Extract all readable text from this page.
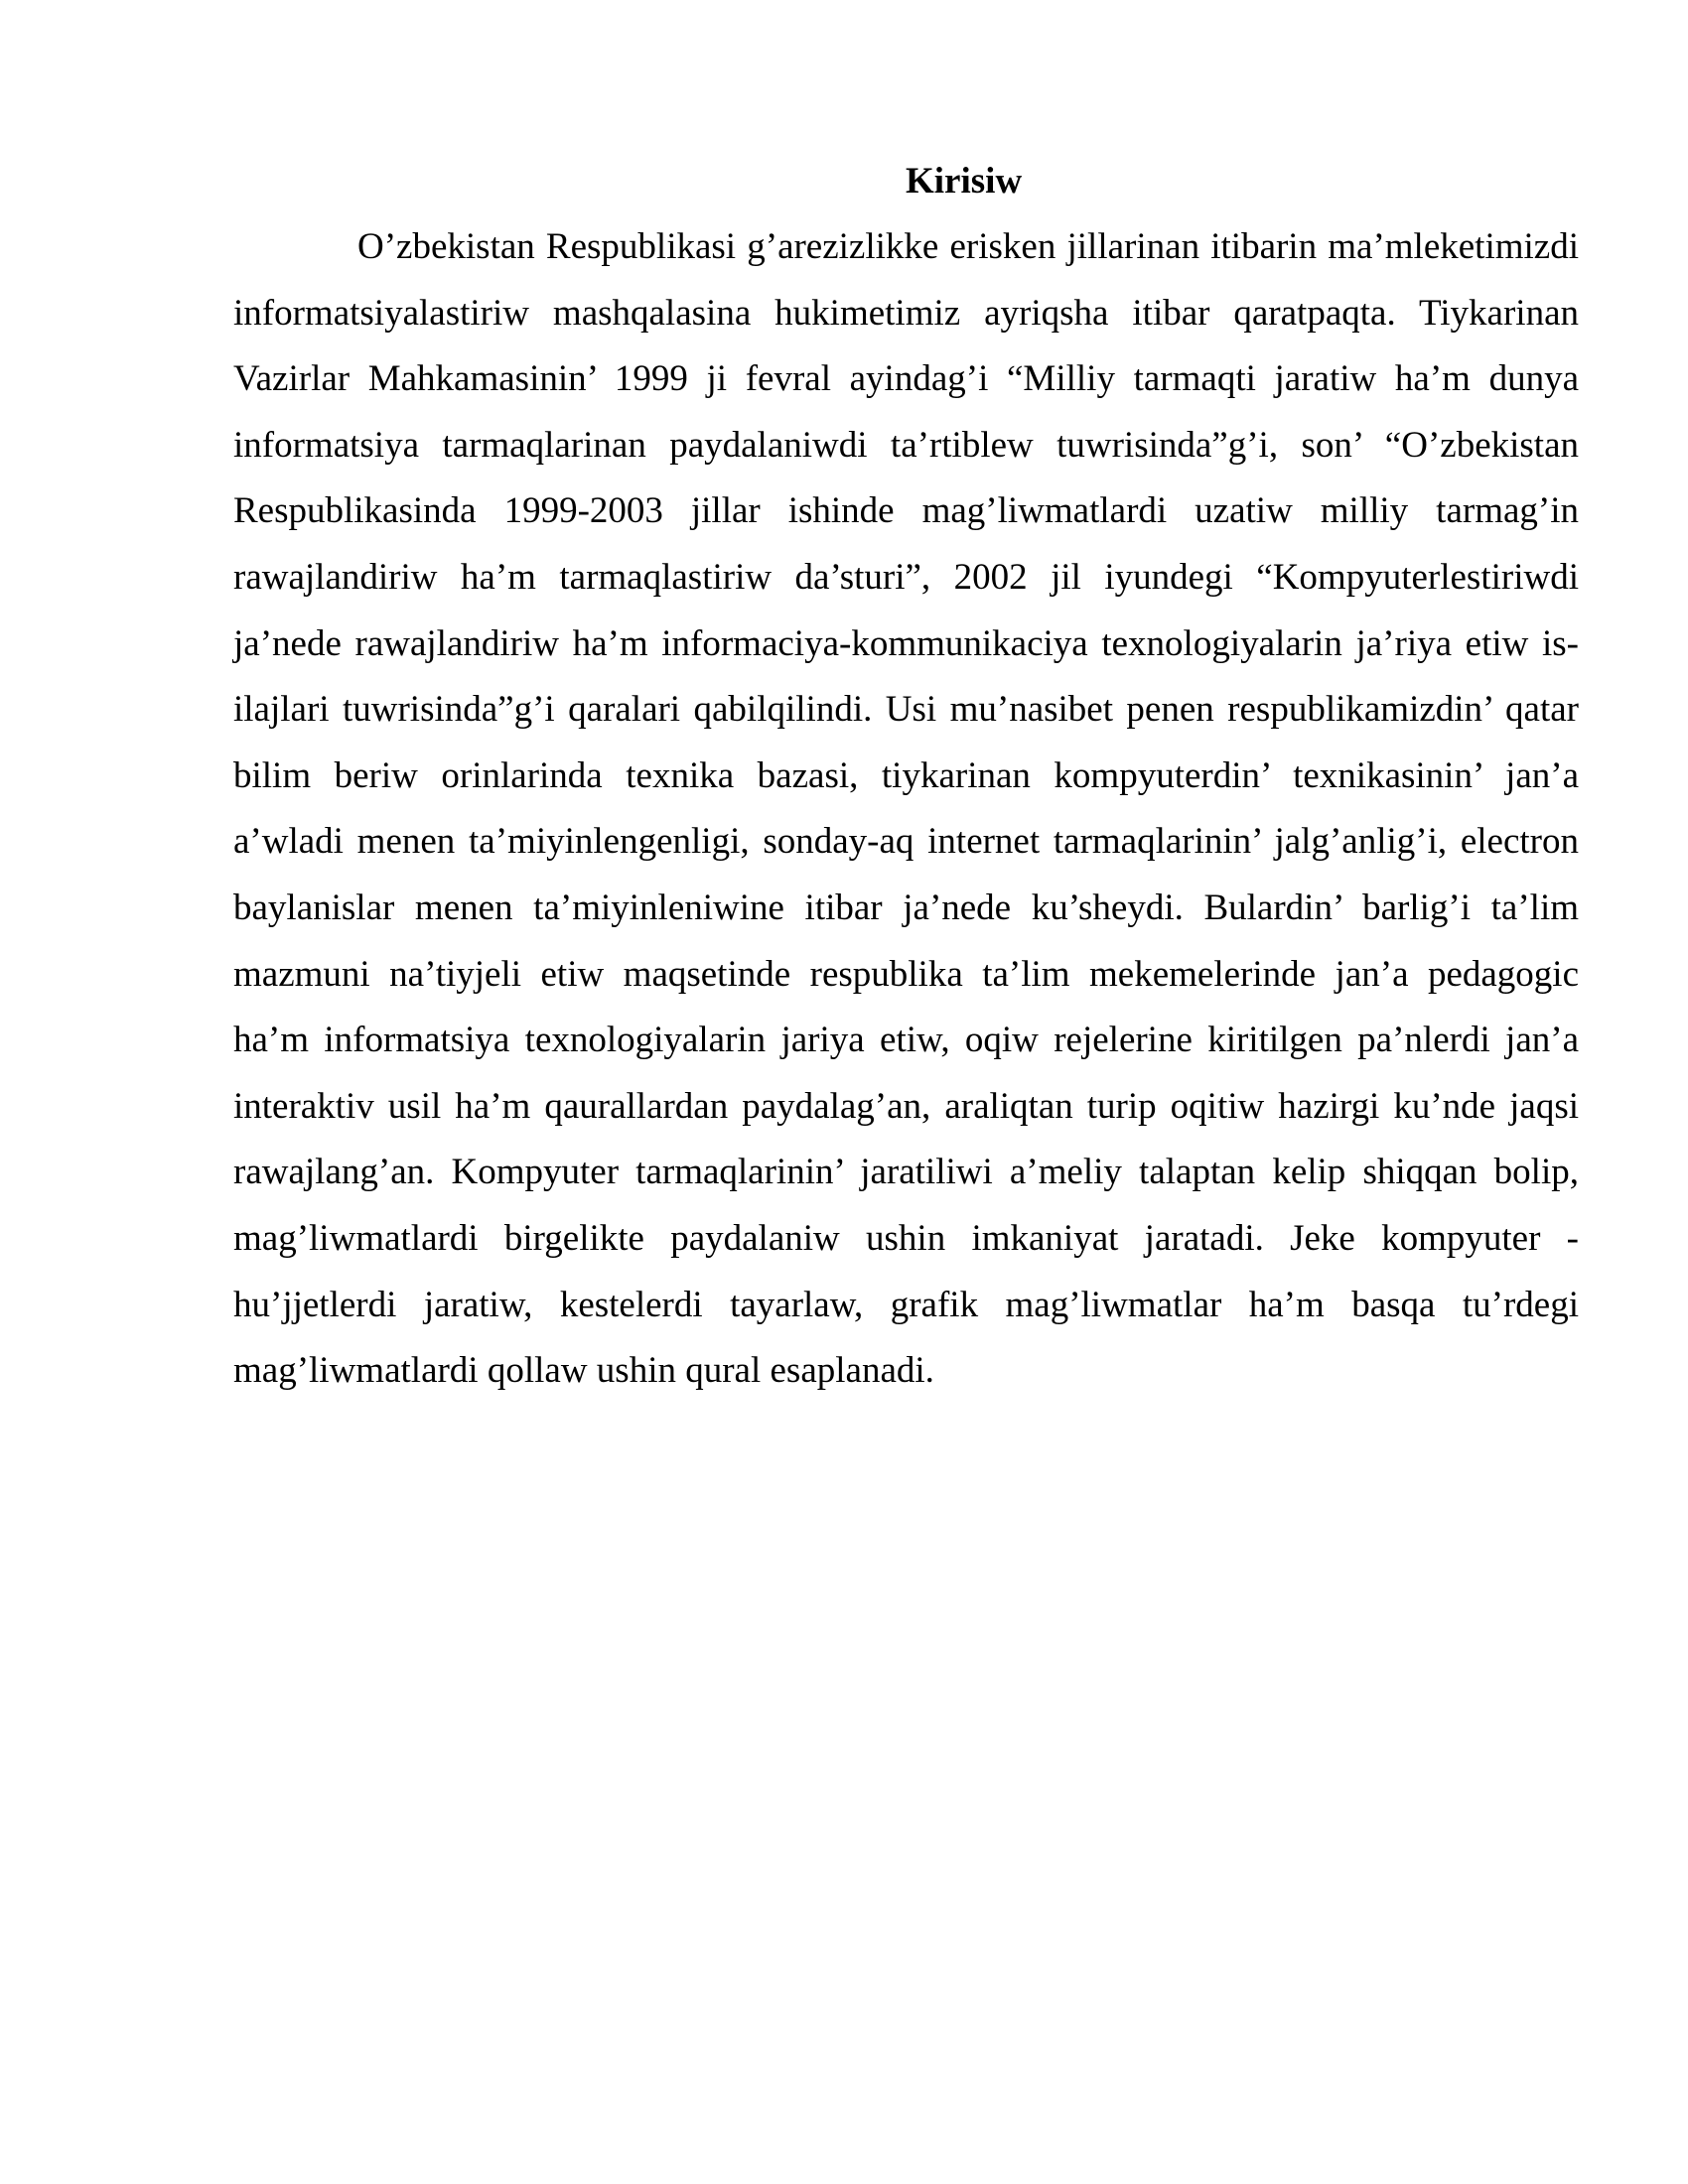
Kirisiw

O’zbekistan Respublikasi g’arezizlikke erisken jillarinan itibarin ma’mleketimizdi informatsiyalastiriw mashqalasina hukimetimiz ayriqsha itibar qaratpaqta. Tiykarinan Vazirlar Mahkamasinin’ 1999 ji fevral ayindag’i “Milliy tarmaqti jaratiw ha’m dunya informatsiya tarmaqlarinan paydalaniwdi ta’rtiblew tuwrisinda”g’i, son’ “O’zbekistan Respublikasinda 1999-2003 jillar ishinde mag’liwmatlardi uzatiw milliy tarmag’in rawajlandiriw ha’m tarmaqlastiriw da’sturi”, 2002 jil iyundegi “Kompyuterlestiriwdi ja’nede rawajlandiriw ha’m informaciya-kommunikaciya texnologiyalarin ja’riya etiw is-ilajlari tuwrisinda”g’i qaralari qabilqilindi. Usi mu’nasibet penen respublikamizdin’ qatar bilim beriw orinlarinda texnika bazasi, tiykarinan kompyuterdin’ texnikasinin’ jan’a a’wladi menen ta’miyinlengenligi, sonday-aq internet tarmaqlarinin’ jalg’anlig’i, electron baylanislar menen ta’miyinleniwine itibar ja’nede ku’sheydi. Bulardin’ barlig’i ta’lim mazmuni na’tiyjeli etiw maqsetinde respublika ta’lim mekemelerinde jan’a pedagogic ha’m informatsiya texnologiyalarin jariya etiw, oqiw rejelerine kiritilgen pa’nlerdi jan’a interaktiv usil ha’m qaurallardan paydalag’an, araliqtan turip oqitiw hazirgi ku’nde jaqsi rawajlang’an. Kompyuter tarmaqlarinin’ jaratiliwi a’meliy talaptan kelip shiqqan bolip, mag’liwmatlardi birgelikte paydalaniw ushin imkaniyat jaratadi. Jeke kompyuter - hu’jjetlerdi jaratiw, kestelerdi tayarlaw, grafik mag’liwmatlar ha’m basqa tu’rdegi mag’liwmatlardi qollaw ushin qural esaplanadi.
